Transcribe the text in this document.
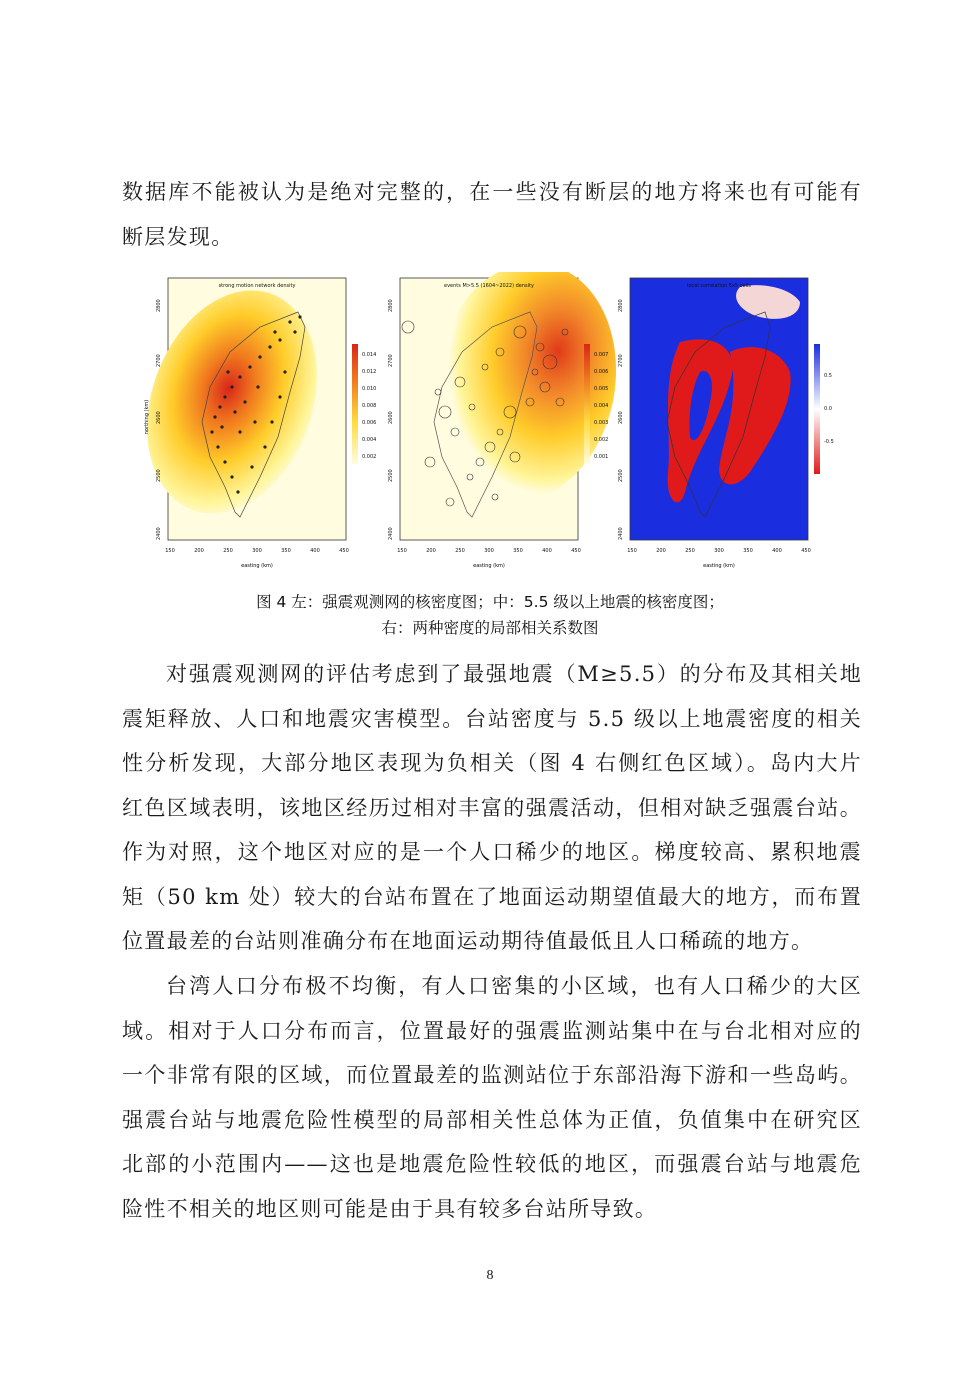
数据库不能被认为是绝对完整的，在一些没有断层的地方将来也有可能有
断层发现。
strong motion network density
0.014
0.012
0.010
0.008
0.006
0.004
0.002
2800
2700
2600
2500
2400
northing (km)
150	200	250	300	350	400	450
easting (km)
events M>5.5 (1604~2022) density
0.007
0.006
0.005
0.004
0.003
0.002
0.001
2800
2700
2600
2500
2400
150	200	250	300	350	400	450
easting (km)
local correlation 5x5 cells
0.5
0.0
-0.5
2800
2700
2600
2500
2400
150	200	250	300	350	400	450
easting (km)
图 4 左：强震观测网的核密度图；中：5.5 级以上地震的核密度图；
右：两种密度的局部相关系数图
对强震观测网的评估考虑到了最强地震（M≥5.5）的分布及其相关地
震矩释放、人口和地震灾害模型。台站密度与 5.5 级以上地震密度的相关
性分析发现，大部分地区表现为负相关（图 4 右侧红色区域）。岛内大片
红色区域表明，该地区经历过相对丰富的强震活动，但相对缺乏强震台站。
作为对照，这个地区对应的是一个人口稀少的地区。梯度较高、累积地震
矩（50 km 处）较大的台站布置在了地面运动期望值最大的地方，而布置
位置最差的台站则准确分布在地面运动期待值最低且人口稀疏的地方。
台湾人口分布极不均衡，有人口密集的小区域，也有人口稀少的大区
域。相对于人口分布而言，位置最好的强震监测站集中在与台北相对应的
一个非常有限的区域，而位置最差的监测站位于东部沿海下游和一些岛屿。
强震台站与地震危险性模型的局部相关性总体为正值，负值集中在研究区
北部的小范围内——这也是地震危险性较低的地区，而强震台站与地震危
险性不相关的地区则可能是由于具有较多台站所导致。
8
